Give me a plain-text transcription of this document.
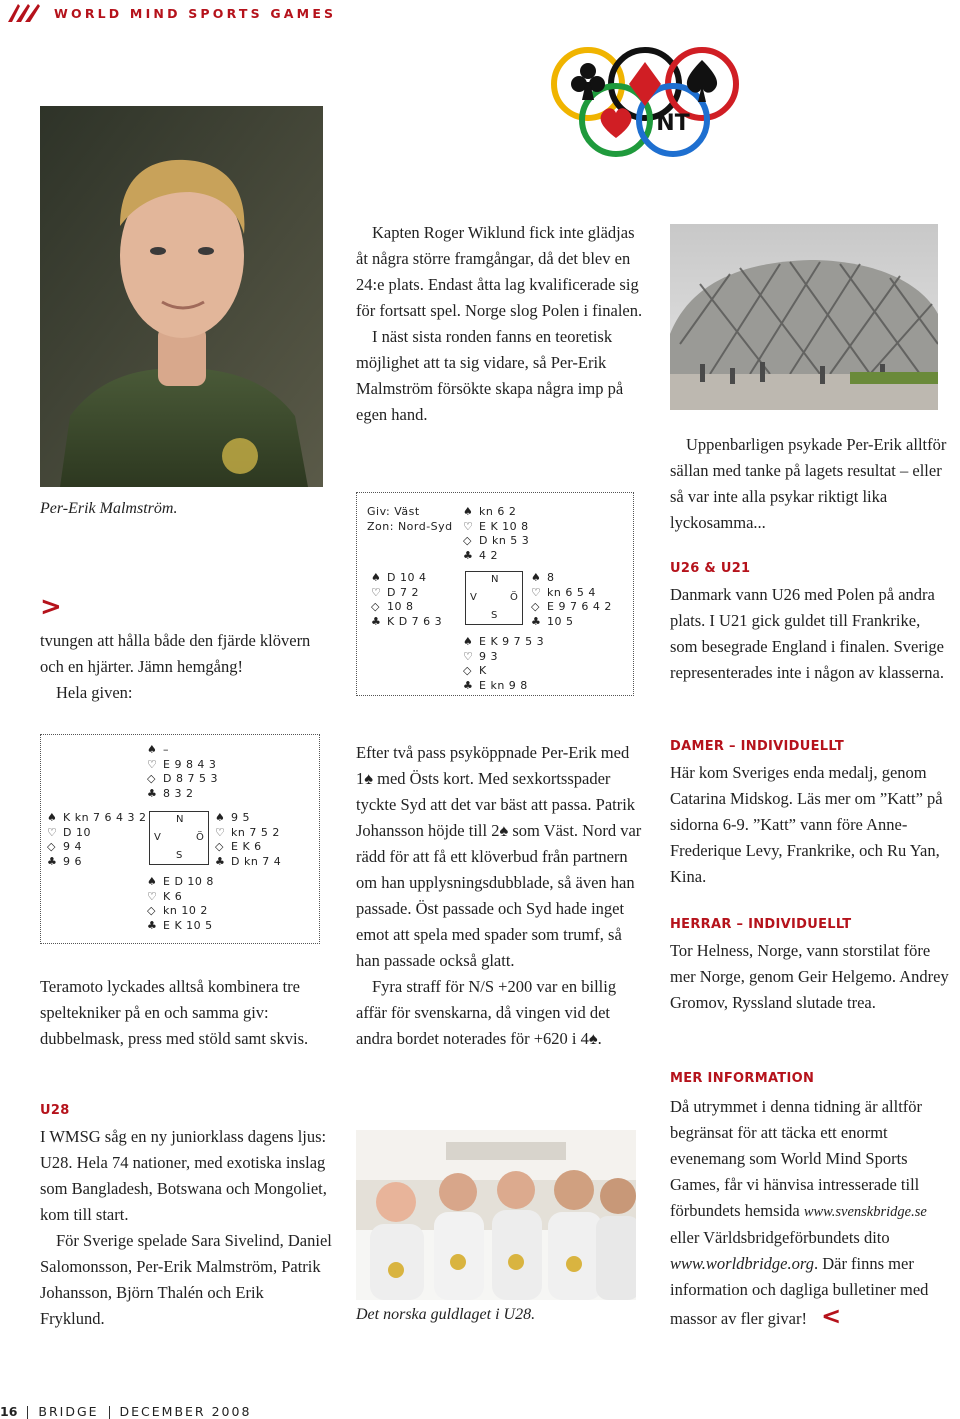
WORLD MIND SPORTS GAMES
NT
Per-Erik Malmström.
>

tvungen att hålla både den fjärde klövern och en hjärter. Jämn hemgång!

Hela given:

♠ –
♡ E 9 8 4 3
◇ D 8 7 5 3
♣ 8 3 2
♠ K kn 7 6 4 3 2
♡ D 10
◇ 9 4
♣ 9 6
N
S
V	Ö
♠ 9 5
♡ kn 7 5 2
◇ E K 6
♣ D kn 7 4
♠ E D 10 8
♡ K 6
◇ kn 10 2
♣ E K 10 5

Teramoto lyckades alltså kombinera tre speltekniker på en och samma giv: dubbelmask, press med stöld samt skvis.

U28

I WMSG såg en ny juniorklass dagens ljus: U28. Hela 74 nationer, med exotiska inslag som Bangladesh, Botswana och Mongoliet, kom till start.

För Sverige spelade Sara Sivelind, Daniel Salomonsson, Per-Erik Malmström, Patrik Johansson, Björn Thalén och Erik Fryklund.

Kapten Roger Wiklund fick inte glädjas åt några större framgångar, då det blev en 24:e plats. Endast åtta lag kvalificerade sig för fortsatt spel. Norge slog Polen i finalen.

I näst sista ronden fanns en teoretisk möjlighet att ta sig vidare, så Per-Erik Malmström försökte skapa några imp på egen hand.

Giv: Väst
Zon: Nord-Syd
♠ kn 6 2
♡ E K 10 8
◇ D kn 5 3
♣ 4 2
♠ D 10 4
♡ D 7 2
◇ 10 8
♣ K D 7 6 3
N
S
V	Ö
♠ 8
♡ kn 6 5 4
◇ E 9 7 6 4 2
♣ 10 5
♠ E K 9 7 5 3
♡ 9 3
◇ K
♣ E kn 9 8

Efter två pass psyköppnade Per-Erik med 1♠ med Östs kort. Med sexkortsspader tyckte Syd att det var bäst att passa. Patrik Johansson höjde till 2♠ som Väst. Nord var rädd för att få ett klöverbud från partnern om han upplysningsdubblade, så även han passade. Öst passade och Syd hade inget emot att spela med spader som trumf, så han passade också glatt.

Fyra straff för N/S +200 var en billig affär för svenskarna, då vingen vid det andra bordet noterades för +620 i 4♠.

Det norska guldlaget i U28.

Uppenbarligen psykade Per-Erik alltför sällan med tanke på lagets resultat – eller så var inte alla psykar riktigt lika lyckosamma...

U26 & U21

Danmark vann U26 med Polen på andra plats. I U21 gick guldet till Frankrike, som besegrade England i finalen. Sverige representerades inte i någon av klasserna.

DAMER – INDIVIDUELLT

Här kom Sveriges enda medalj, genom Catarina Midskog. Läs mer om ”Katt” på sidorna 6-9. ”Katt” vann före Anne-Frederique Levy, Frankrike, och Ru Yan, Kina.

HERRAR – INDIVIDUELLT

Tor Helness, Norge, vann storstilat före mer Norge, genom Geir Helgemo. Andrey Gromov, Ryssland slutade trea.

MER INFORMATION

Då utrymmet i denna tidning är alltför begränsat för att täcka ett enormt evenemang som World Mind Sports Games, får vi hänvisa intresserade till förbundets hemsida www.svenskbridge.se eller Världsbridgeförbundets dito www.worldbridge.org. Där finns mer information och dagliga bulletiner med massor av fler givar! <

16 BRIDGE DECEMBER 2008
